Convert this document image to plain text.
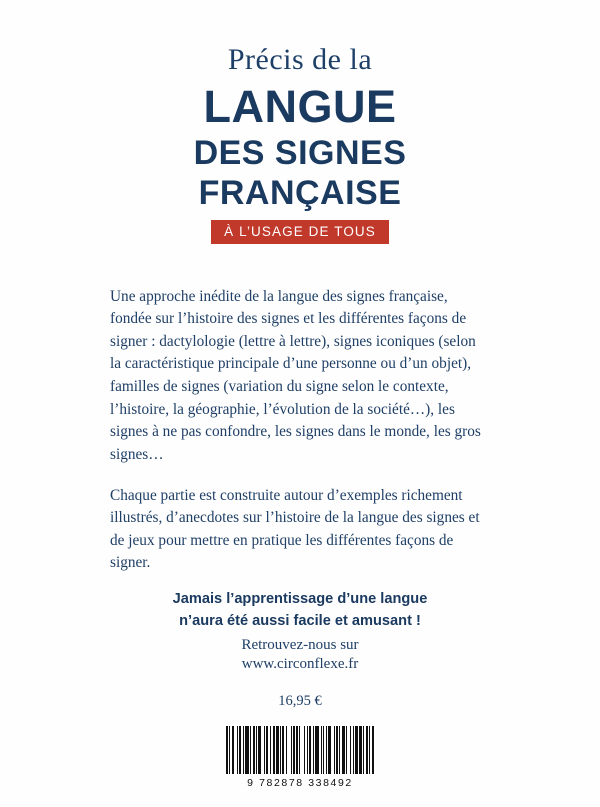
Précis de la
LANGUE
DES SIGNES
FRANÇAISE
À L’USAGE DE TOUS

Une approche inédite de la langue des signes française, fondée sur l’histoire des signes et les différentes façons de signer : dactylologie (lettre à lettre), signes iconiques (selon la caractéristique principale d’une personne ou d’un objet), familles de signes (variation du signe selon le contexte, l’histoire, la géographie, l’évolution de la société…), les signes à ne pas confondre, les signes dans le monde, les gros signes…

Chaque partie est construite autour d’exemples richement illustrés, d’anecdotes sur l’histoire de la langue des signes et de jeux pour mettre en pratique les différentes façons de signer.

Jamais l’apprentissage d’une langue
n’aura été aussi facile et amusant !
Retrouvez-nous sur
www.circonflexe.fr
16,95 €
9 782878 338492
